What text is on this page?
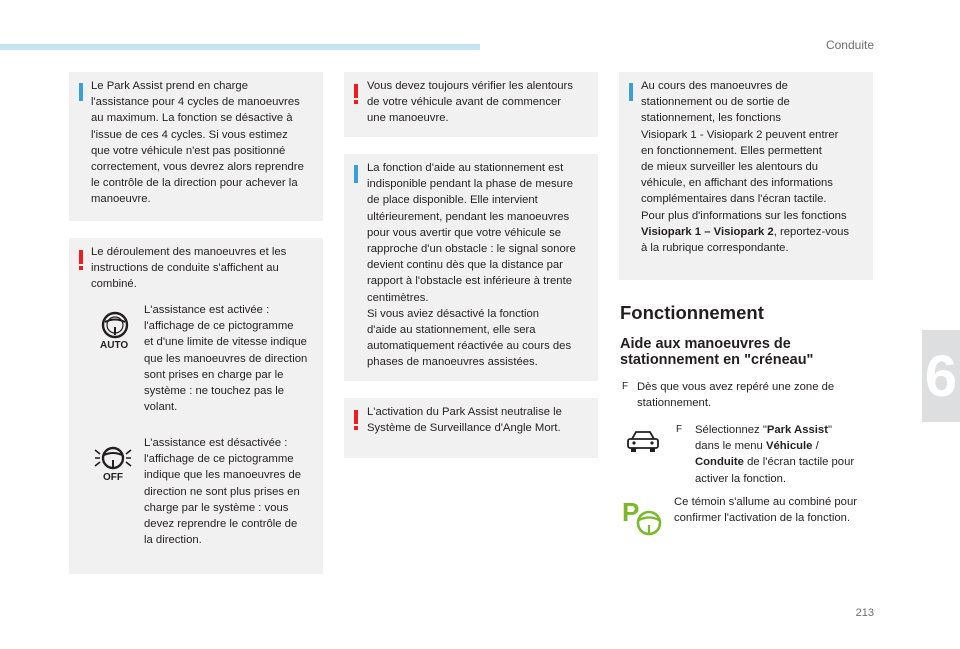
Conduite
6
213
Le Park Assist prend en charge
l'assistance pour 4 cycles de manoeuvres
au maximum. La fonction se désactive à
l'issue de ces 4 cycles. Si vous estimez
que votre véhicule n'est pas positionné
correctement, vous devrez alors reprendre
le contrôle de la direction pour achever la
manoeuvre.
Le déroulement des manoeuvres et les
instructions de conduite s'affichent au
combiné.
AUTO
L'assistance est activée :
l'affichage de ce pictogramme
et d'une limite de vitesse indique
que les manoeuvres de direction
sont prises en charge par le
système : ne touchez pas le
volant.
OFF
L'assistance est désactivée :
l'affichage de ce pictogramme
indique que les manoeuvres de
direction ne sont plus prises en
charge par le système : vous
devez reprendre le contrôle de
la direction.
Vous devez toujours vérifier les alentours
de votre véhicule avant de commencer
une manoeuvre.
La fonction d'aide au stationnement est
indisponible pendant la phase de mesure
de place disponible. Elle intervient
ultérieurement, pendant les manoeuvres
pour vous avertir que votre véhicule se
rapproche d'un obstacle : le signal sonore
devient continu dès que la distance par
rapport à l'obstacle est inférieure à trente
centimètres.
Si vous aviez désactivé la fonction
d'aide au stationnement, elle sera
automatiquement réactivée au cours des
phases de manoeuvres assistées.
L'activation du Park Assist neutralise le
Système de Surveillance d'Angle Mort.
Au cours des manoeuvres de
stationnement ou de sortie de
stationnement, les fonctions
Visiopark 1 - Visiopark 2 peuvent entrer
en fonctionnement. Elles permettent
de mieux surveiller les alentours du
véhicule, en affichant des informations
complémentaires dans l'écran tactile.
Pour plus d'informations sur les fonctions
Visiopark 1 – Visiopark 2, reportez-vous
à la rubrique correspondante.
Fonctionnement
Aide aux manoeuvres de
stationnement en "créneau"
F Dès que vous avez repéré une zone de
stationnement.
F Sélectionnez "Park Assist"
dans le menu Véhicule /
Conduite de l'écran tactile pour
activer la fonction.
P	Ce témoin s'allume au combiné pour
confirmer l'activation de la fonction.
